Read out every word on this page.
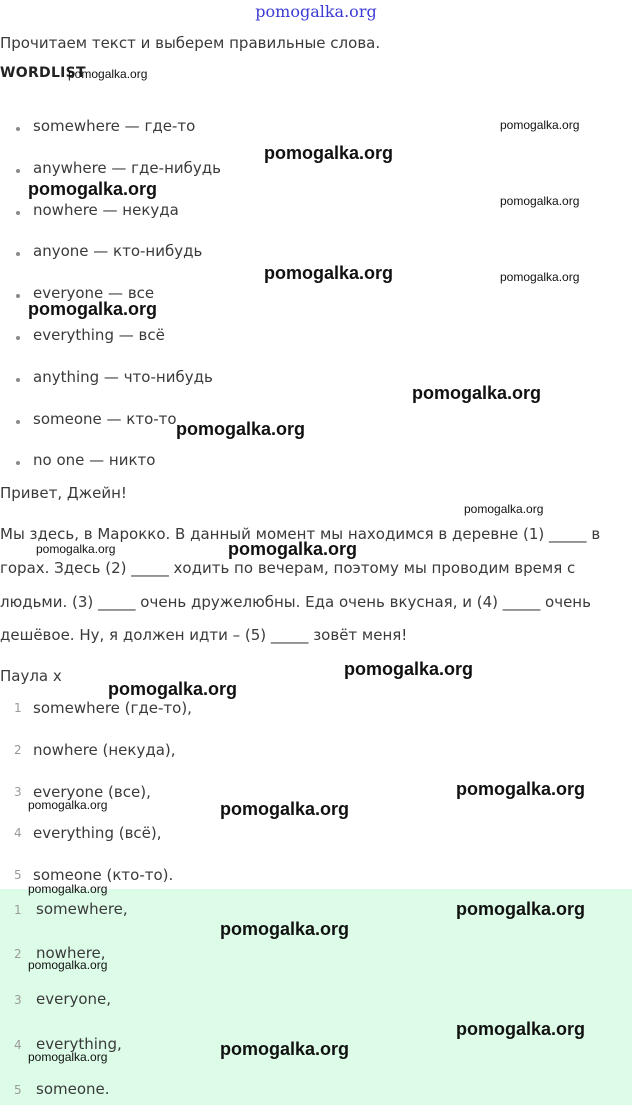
pomogalka.org
Прочитаем текст и выберем правильные слова.
WORDLIST
pomogalka.org
somewhere — где-то
anywhere — где-нибудь
nowhere — некуда
anyone — кто-нибудь
everyone — все
everything — всё
anything — что-нибудь
someone — кто-то
no one — никто
Привет, Джейн!
Мы здесь, в Марокко. В данный момент мы находимся в деревне (1) _____ в
горах. Здесь (2) _____ ходить по вечерам, поэтому мы проводим время с
людьми. (3) _____ очень дружелюбны. Еда очень вкусная, и (4) _____ очень
дешёвое. Ну, я должен идти – (5) _____ зовёт меня!
Паула х
1 somewhere (где-то),
2 nowhere (некуда),
3 everyone (все),
4 everything (всё),
5 someone (кто-то).
1 somewhere,
2 nowhere,
3 everyone,
4 everything,
5 someone.
pomogalka.org
pomogalka.org
pomogalka.org
pomogalka.org
pomogalka.org	pomogalka.org
pomogalka.org
pomogalka.org
pomogalka.org
pomogalka.org
pomogalka.org
pomogalka.org
pomogalka.org
pomogalka.org
pomogalka.org
pomogalka.org	pomogalka.org
pomogalka.org
pomogalka.org
pomogalka.org
pomogalka.org
pomogalka.org
pomogalka.org
pomogalka.org
